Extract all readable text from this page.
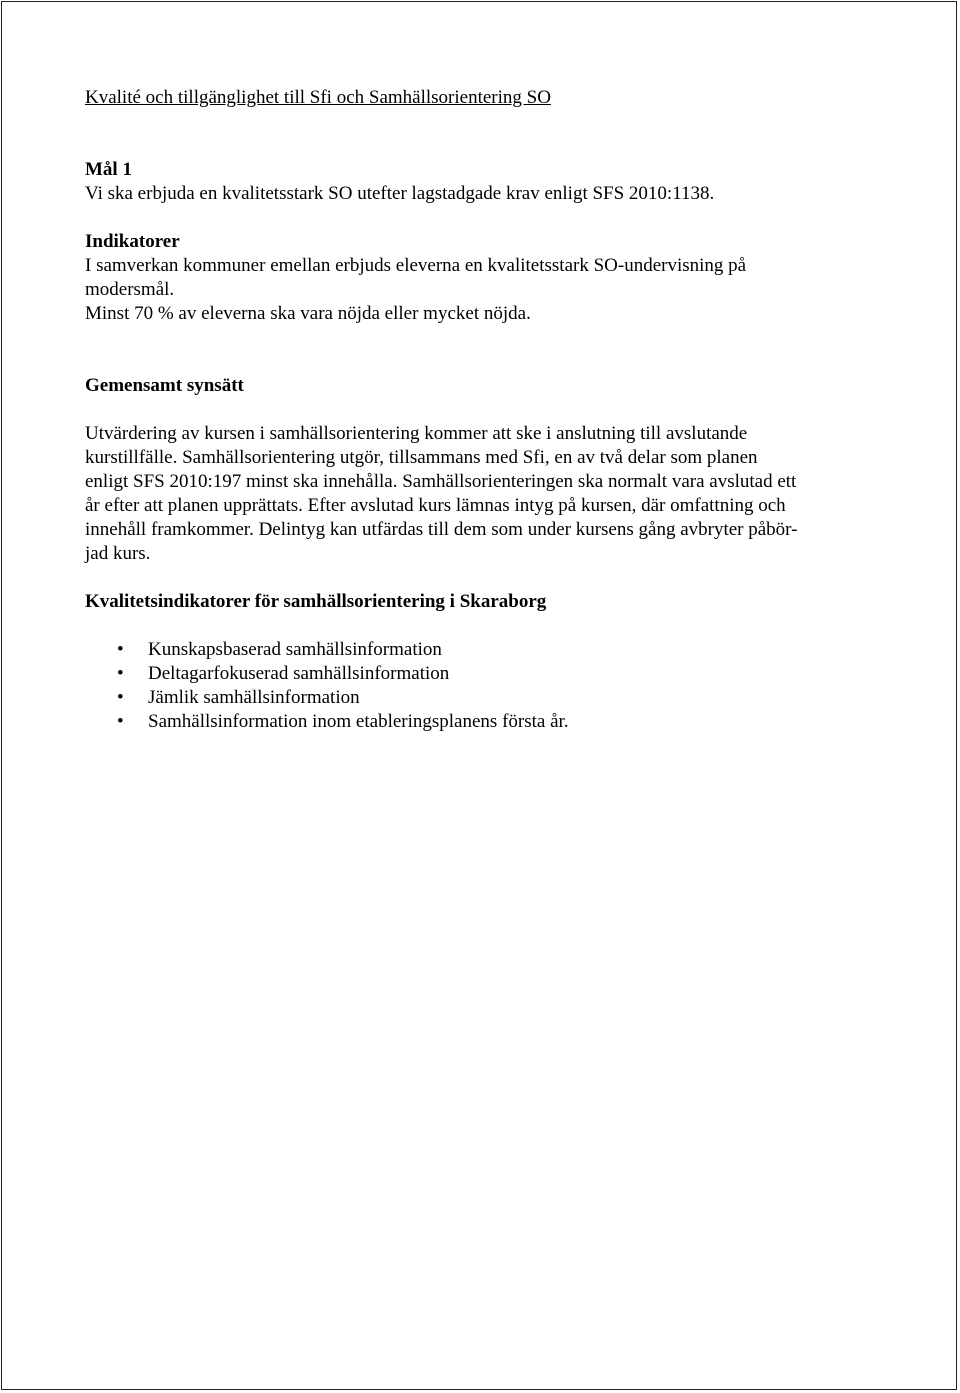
Kvalité och tillgänglighet till Sfi och Samhällsorientering SO

Mål 1

Vi ska erbjuda en kvalitetsstark SO utefter lagstadgade krav enligt SFS 2010:1138.

Indikatorer

I samverkan kommuner emellan erbjuds eleverna en kvalitetsstark SO-undervisning på

modersmål.

Minst 70 % av eleverna ska vara nöjda eller mycket nöjda.

Gemensamt synsätt

Utvärdering av kursen i samhällsorientering kommer att ske i anslutning till avslutande

kurstillfälle. Samhällsorientering utgör, tillsammans med Sfi, en av två delar som planen

enligt SFS 2010:197 minst ska innehålla. Samhällsorienteringen ska normalt vara avslutad ett

år efter att planen upprättats. Efter avslutad kurs lämnas intyg på kursen, där omfattning och

innehåll framkommer. Delintyg kan utfärdas till dem som under kursens gång avbryter påbör-

jad kurs.

Kvalitetsindikatorer för samhällsorientering i Skaraborg

• Kunskapsbaserad samhällsinformation
• Deltagarfokuserad samhällsinformation
• Jämlik samhällsinformation
• Samhällsinformation inom etableringsplanens första år.
